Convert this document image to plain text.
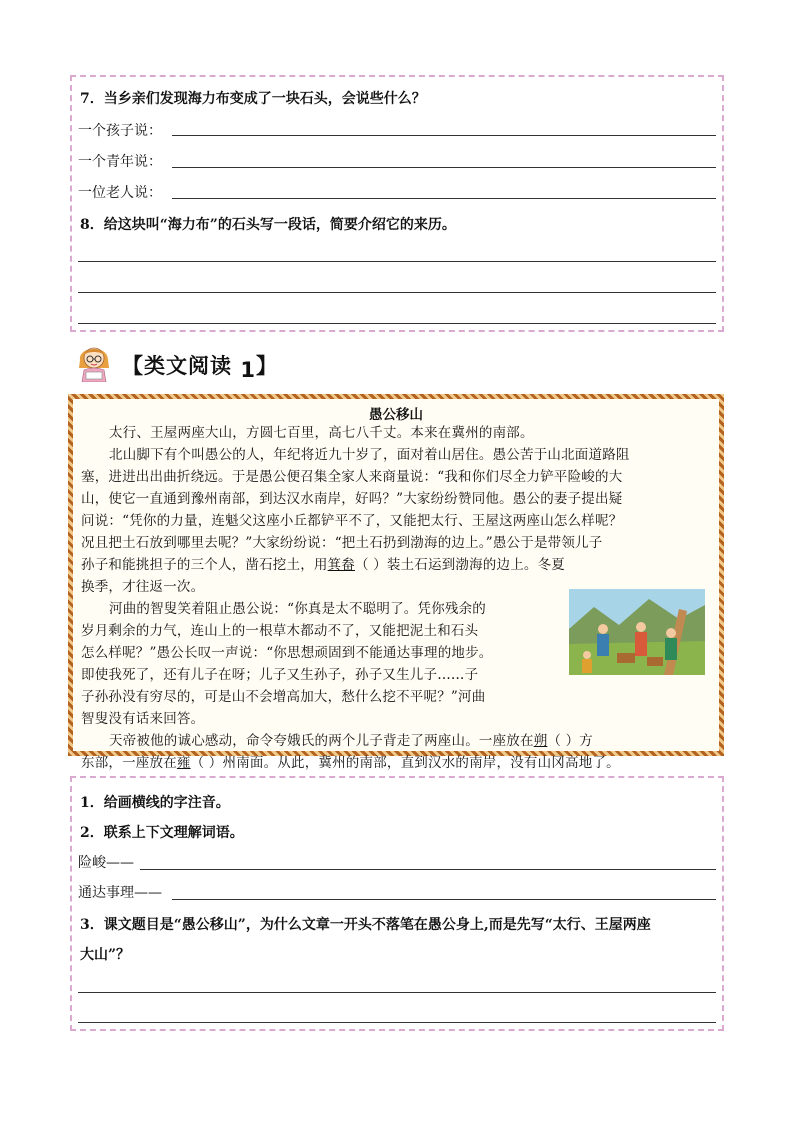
7．当乡亲们发现海力布变成了一块石头，会说些什么？
一个孩子说：
一个青年说：
一位老人说：
8．给这块叫“海力布”的石头写一段话，简要介绍它的来历。
【类文阅读 1】
愚公移山
太行、王屋两座大山，方圆七百里，高七八千丈。本来在冀州的南部。
北山脚下有个叫愚公的人，年纪将近九十岁了，面对着山居住。愚公苦于山北面道路阻
塞，进进出出曲折绕远。于是愚公便召集全家人来商量说：“我和你们尽全力铲平险峻的大
山，使它一直通到豫州南部，到达汉水南岸，好吗？”大家纷纷赞同他。愚公的妻子提出疑
问说：“凭你的力量，连魁父这座小丘都铲平不了，又能把太行、王屋这两座山怎么样呢？
况且把土石放到哪里去呢？”大家纷纷说：“把土石扔到渤海的边上。”愚公于是带领儿子
孙子和能挑担子的三个人，凿石挖土，用箕畚（ ）装土石运到渤海的边上。冬夏
换季，才往返一次。
河曲的智叟笑着阻止愚公说：“你真是太不聪明了。凭你残余的
岁月剩余的力气，连山上的一根草木都动不了，又能把泥土和石头
怎么样呢？”愚公长叹一声说：“你思想顽固到不能通达事理的地步。
即使我死了，还有儿子在呀；儿子又生孙子，孙子又生儿子……子
子孙孙没有穷尽的，可是山不会增高加大，愁什么挖不平呢？”河曲
智叟没有话来回答。
天帝被他的诚心感动，命令夸娥氏的两个儿子背走了两座山。一座放在朔（ ）方
东部，一座放在雍（ ）州南面。从此，冀州的南部，直到汉水的南岸，没有山冈高地了。
1．给画横线的字注音。
2．联系上下文理解词语。
险峻——
通达事理——
3．课文题目是“愚公移山”，为什么文章一开头不落笔在愚公身上,而是先写“太行、王屋两座
大山”？
